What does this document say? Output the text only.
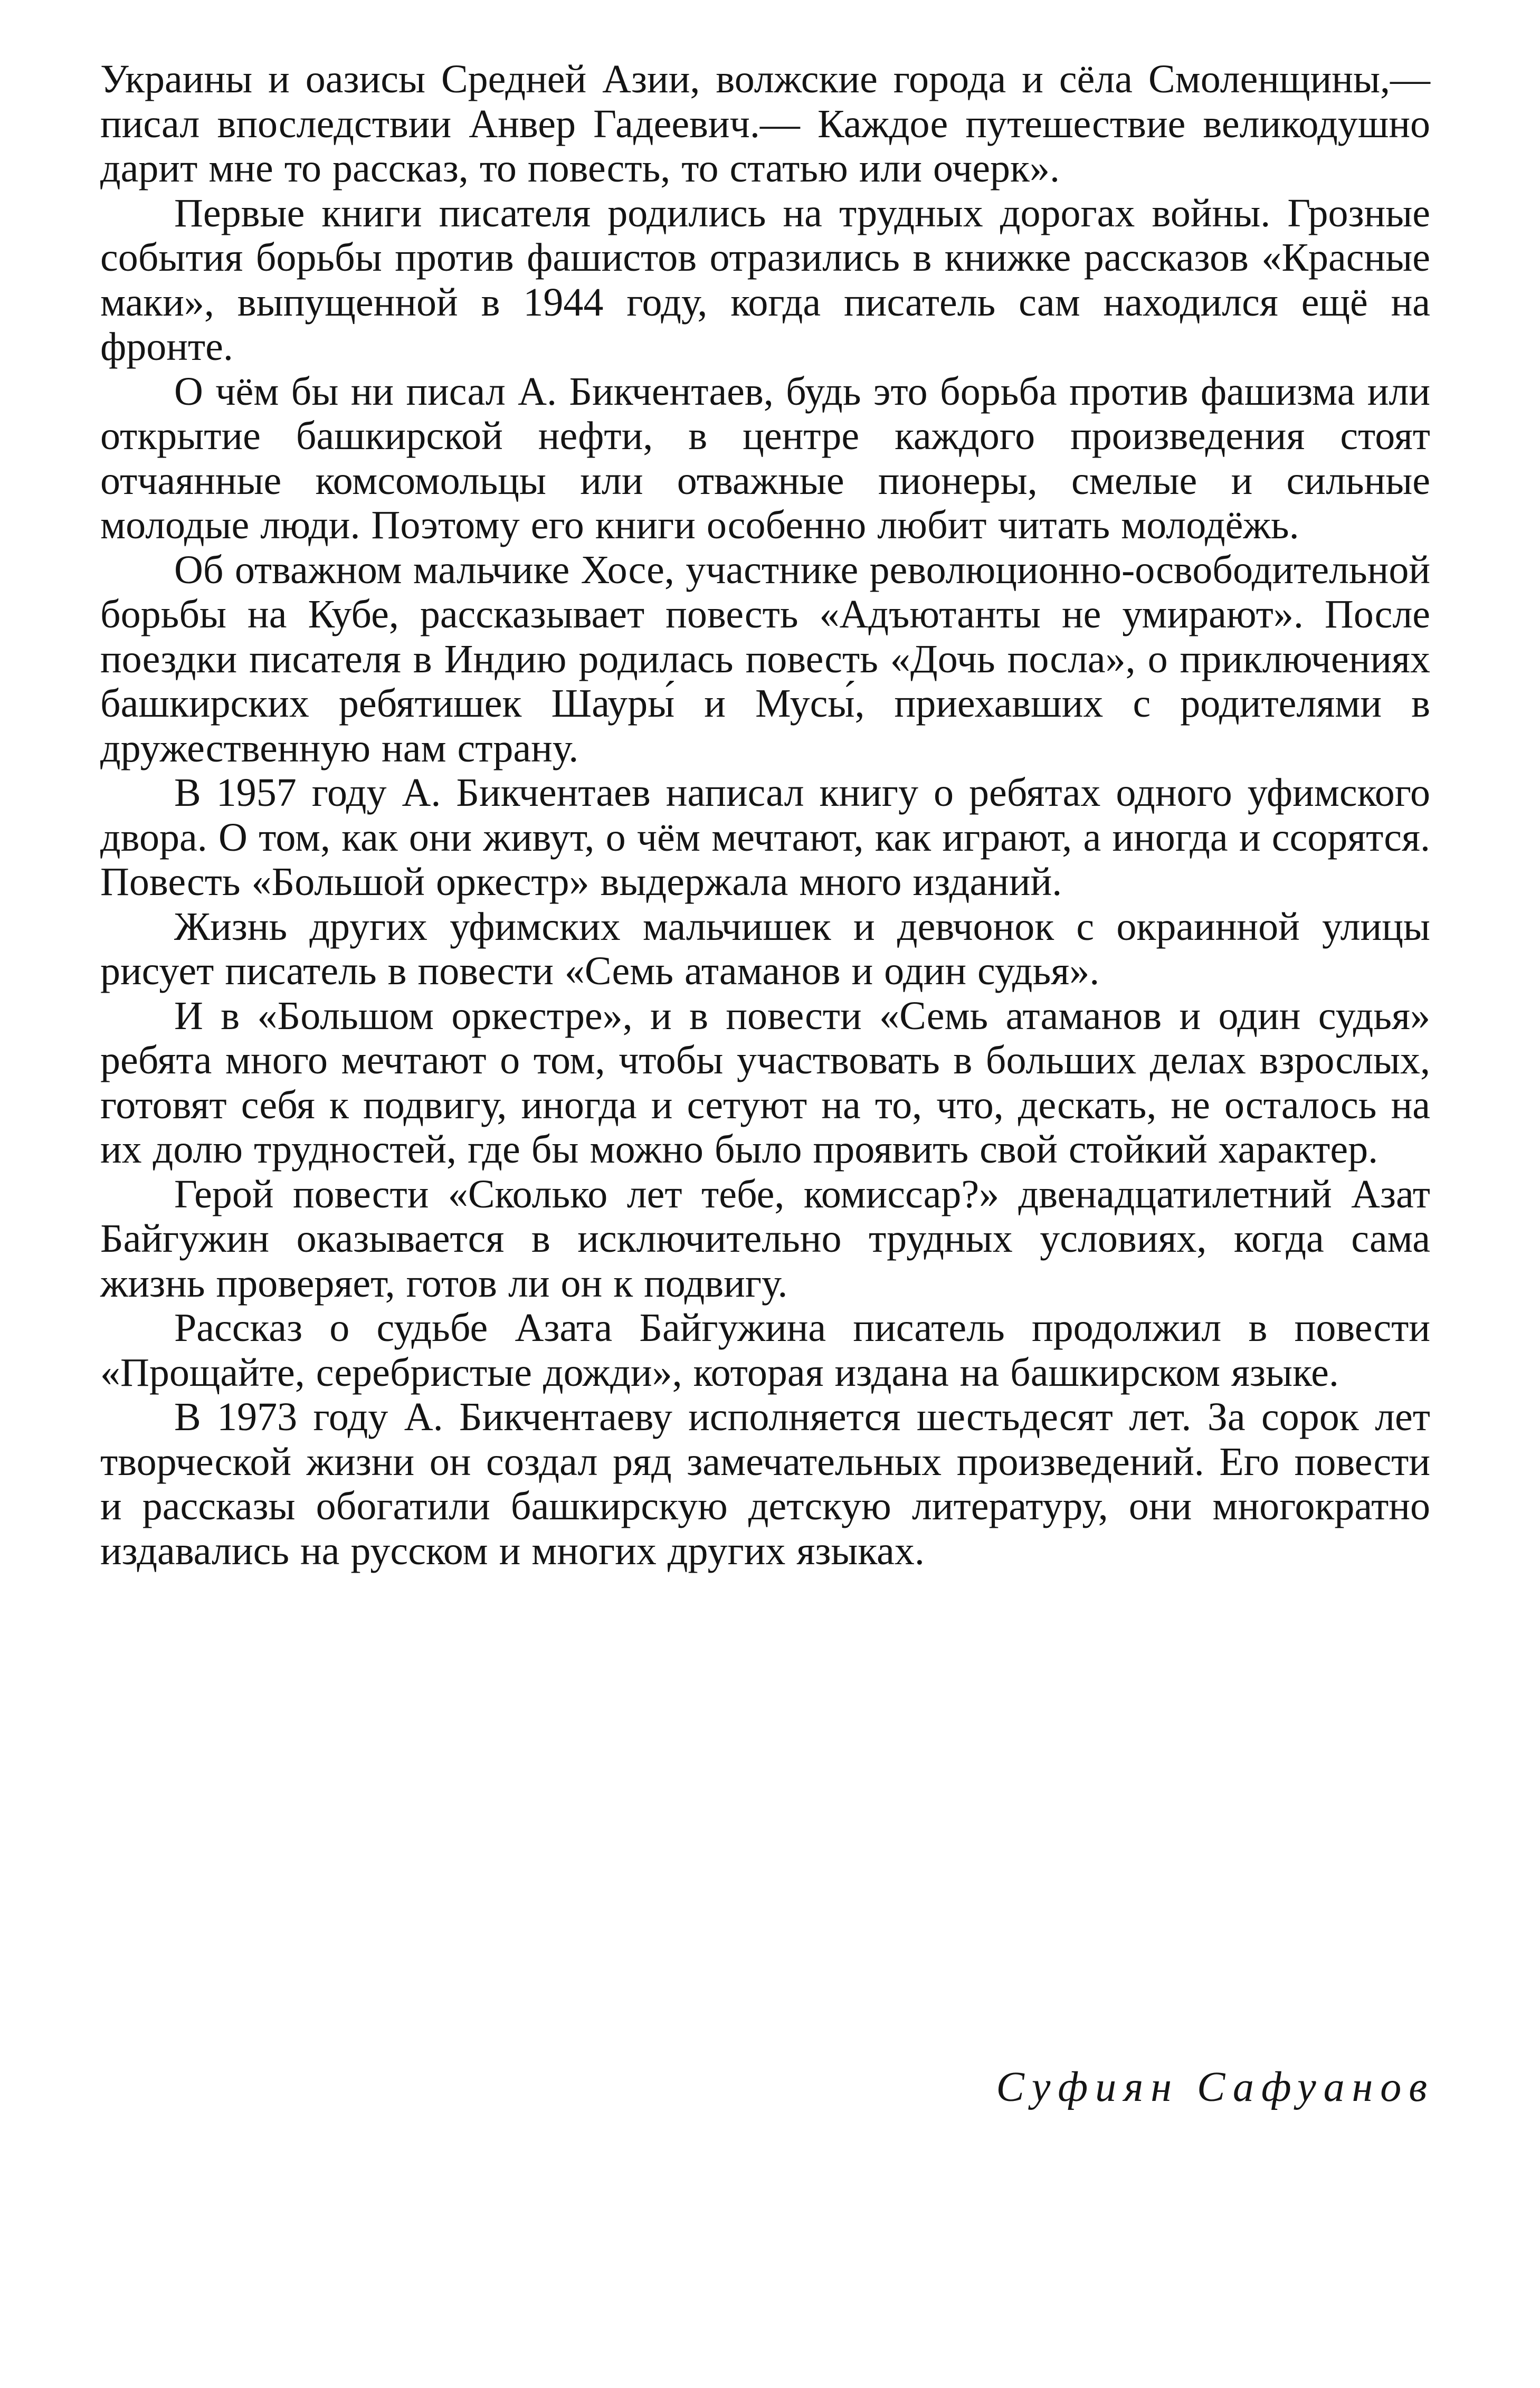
Украины и оазисы Средней Азии, волжские города и сёла Смоленщины,— писал впоследствии Анвер Гадеевич.— Каждое путешествие великодушно дарит мне то рассказ, то повесть, то статью или очерк».

Первые книги писателя родились на трудных дорогах войны. Грозные события борьбы против фашистов отразились в книжке рассказов «Красные маки», выпущенной в 1944 году, когда писатель сам находился ещё на фронте.

О чём бы ни писал А. Бикчентаев, будь это борьба против фашизма или открытие башкирской нефти, в центре каждого произведения стоят отчаянные комсомольцы или отважные пионеры, смелые и сильные молодые люди. Поэтому его книги особенно любит читать молодёжь.

Об отважном мальчике Хосе, участнике революционно-освободительной борьбы на Кубе, рассказывает повесть «Адъютанты не умирают». После поездки писателя в Индию родилась повесть «Дочь посла», о приключениях башкирских ребятишек Шауры́ и Мусы́, приехавших с родителями в дружественную нам страну.

В 1957 году А. Бикчентаев написал книгу о ребятах одного уфимского двора. О том, как они живут, о чём мечтают, как играют, а иногда и ссорятся. Повесть «Большой оркестр» выдержала много изданий.

Жизнь других уфимских мальчишек и девчонок с окраинной улицы рисует писатель в повести «Семь атаманов и один судья».

И в «Большом оркестре», и в повести «Семь атаманов и один судья» ребята много мечтают о том, чтобы участвовать в больших делах взрослых, готовят себя к подвигу, иногда и сетуют на то, что, дескать, не осталось на их долю трудностей, где бы можно было проявить свой стойкий характер.

Герой повести «Сколько лет тебе, комиссар?» двенадцатилетний Азат Байгужин оказывается в исключительно трудных условиях, когда сама жизнь проверяет, готов ли он к подвигу.

Рассказ о судьбе Азата Байгужина писатель продолжил в повести «Прощайте, серебристые дожди», которая издана на башкирском языке.

В 1973 году А. Бикчентаеву исполняется шестьдесят лет. За сорок лет творческой жизни он создал ряд замечательных произведений. Его повести и рассказы обогатили башкирскую детскую литературу, они многократно издавались на русском и многих других языках.

Суфиян Сафуанов
